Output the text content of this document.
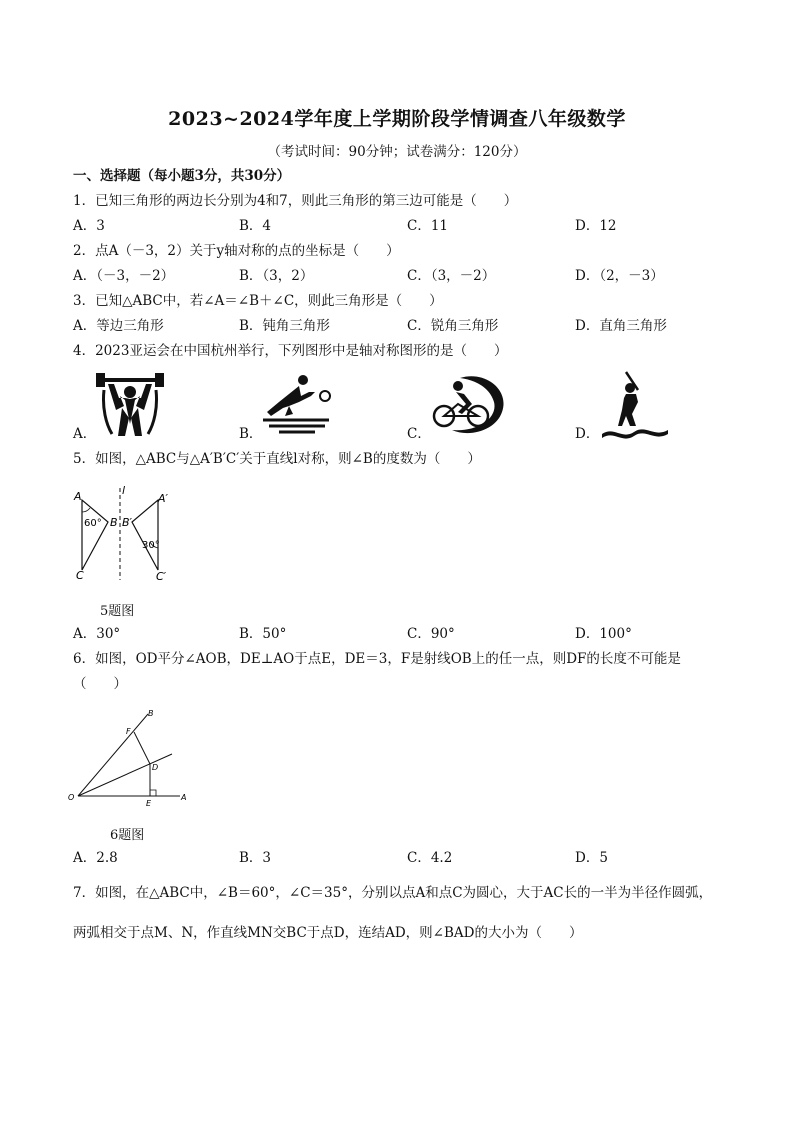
2023~2024学年度上学期阶段学情调查八年级数学
（考试时间：90分钟；试卷满分：120分）
一、选择题（每小题3分，共30分）
1．已知三角形的两边长分别为4和7，则此三角形的第三边可能是（　　）
A．3	B．4	C．11	D．12
2．点A（－3，2）关于y轴对称的点的坐标是（　　）
A．（－3，－2）	B．（3，2）	C．（3，－2）	D．（2，－3）
3．已知△ABC中，若∠A＝∠B＋∠C，则此三角形是（　　）
A．等边三角形	B．钝角三角形	C．锐角三角形	D．直角三角形
4．2023亚运会在中国杭州举行，下列图形中是轴对称图形的是（　　）
A．	B．	C．	D．
5．如图，△ABC与△A′B′C′关于直线l对称，则∠B的度数为（　　）
A
B
C
l
A′
B′
C′
60°
30°
5题图
A．30°	B．50°	C．90°	D．100°
6．如图，OD平分∠AOB，DE⊥AO于点E，DE＝3，F是射线OB上的任一点，则DF的长度不可能是
（　　）
O	A
B
D
E
F
6题图
A．2.8	B．3	C．4.2	D．5
7．如图，在△ABC中，∠B＝60°，∠C＝35°，分别以点A和点C为圆心，大于AC长的一半为半径作圆弧，
两弧相交于点M、N，作直线MN交BC于点D，连结AD，则∠BAD的大小为（　　）
